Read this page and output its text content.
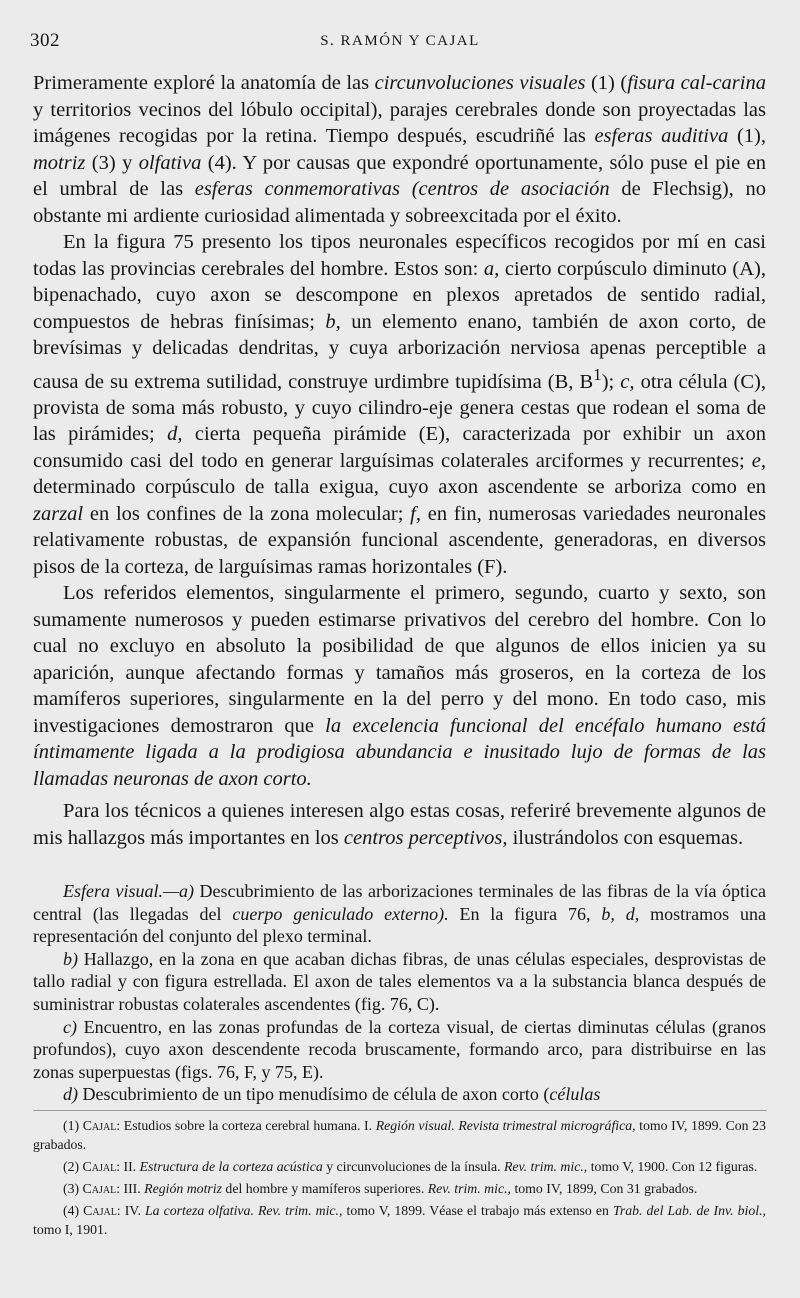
302	S. RAMÓN Y CAJAL

Primeramente exploré la anatomía de las circunvoluciones visuales (1) (fisura cal-carina y territorios vecinos del lóbulo occipital), parajes cerebrales donde son proyectadas las imágenes recogidas por la retina. Tiempo después, escudriñé las esferas auditiva (1), motriz (3) y olfativa (4). Y por causas que expondré oportunamente, sólo puse el pie en el umbral de las esferas conmemorativas (centros de asociación de Flechsig), no obstante mi ardiente curiosidad alimentada y sobreexcitada por el éxito.

En la figura 75 presento los tipos neuronales específicos recogidos por mí en casi todas las provincias cerebrales del hombre. Estos son: a, cierto corpúsculo diminuto (A), bipenachado, cuyo axon se descompone en plexos apretados de sentido radial, compuestos de hebras finísimas; b, un elemento enano, también de axon corto, de brevísimas y delicadas dendritas, y cuya arborización nerviosa apenas perceptible a causa de su extrema sutilidad, construye urdimbre tupidísima (B, $B^1$); c, otra célula (C), provista de soma más robusto, y cuyo cilindro-eje genera cestas que rodean el soma de las pirámides; d, cierta pequeña pirámide (E), caracterizada por exhibir un axon consumido casi del todo en generar larguísimas colaterales arciformes y recurrentes; e, determinado corpúsculo de talla exigua, cuyo axon ascendente se arboriza como en zarzal en los confines de la zona molecular; f, en fin, numerosas variedades neuronales relativamente robustas, de expansión funcional ascendente, generadoras, en diversos pisos de la corteza, de larguísimas ramas horizontales (F).

Los referidos elementos, singularmente el primero, segundo, cuarto y sexto, son sumamente numerosos y pueden estimarse privativos del cerebro del hombre. Con lo cual no excluyo en absoluto la posibilidad de que algunos de ellos inicien ya su aparición, aunque afectando formas y tamaños más groseros, en la corteza de los mamíferos superiores, singularmente en la del perro y del mono. En todo caso, mis investigaciones demostraron que la excelencia funcional del encéfalo humano está íntimamente ligada a la prodigiosa abundancia e inusitado lujo de formas de las llamadas neuronas de axon corto.

Para los técnicos a quienes interesen algo estas cosas, referiré brevemente algunos de mis hallazgos más importantes en los centros perceptivos, ilustrándolos con esquemas.

Esfera visual.—a) Descubrimiento de las arborizaciones terminales de las fibras de la vía óptica central (las llegadas del cuerpo geniculado externo). En la figura 76, b, d, mostramos una representación del conjunto del plexo terminal.

b) Hallazgo, en la zona en que acaban dichas fibras, de unas células especiales, desprovistas de tallo radial y con figura estrellada. El axon de tales elementos va a la substancia blanca después de suministrar robustas colaterales ascendentes (fig. 76, C).

c) Encuentro, en las zonas profundas de la corteza visual, de ciertas diminutas células (granos profundos), cuyo axon descendente recoda bruscamente, formando arco, para distribuirse en las zonas superpuestas (figs. 76, F, y 75, E).

d) Descubrimiento de un tipo menudísimo de célula de axon corto (células

(1) Cajal: Estudios sobre la corteza cerebral humana. I. Región visual. Revista trimestral micrográfica, tomo IV, 1899. Con 23 grabados.

(2) Cajal: II. Estructura de la corteza acústica y circunvoluciones de la ínsula. Rev. trim. mic., tomo V, 1900. Con 12 figuras.

(3) Cajal: III. Región motriz del hombre y mamíferos superiores. Rev. trim. mic., tomo IV, 1899, Con 31 grabados.

(4) Cajal: IV. La corteza olfativa. Rev. trim. mic., tomo V, 1899. Véase el trabajo más extenso en Trab. del Lab. de Inv. biol., tomo I, 1901.
